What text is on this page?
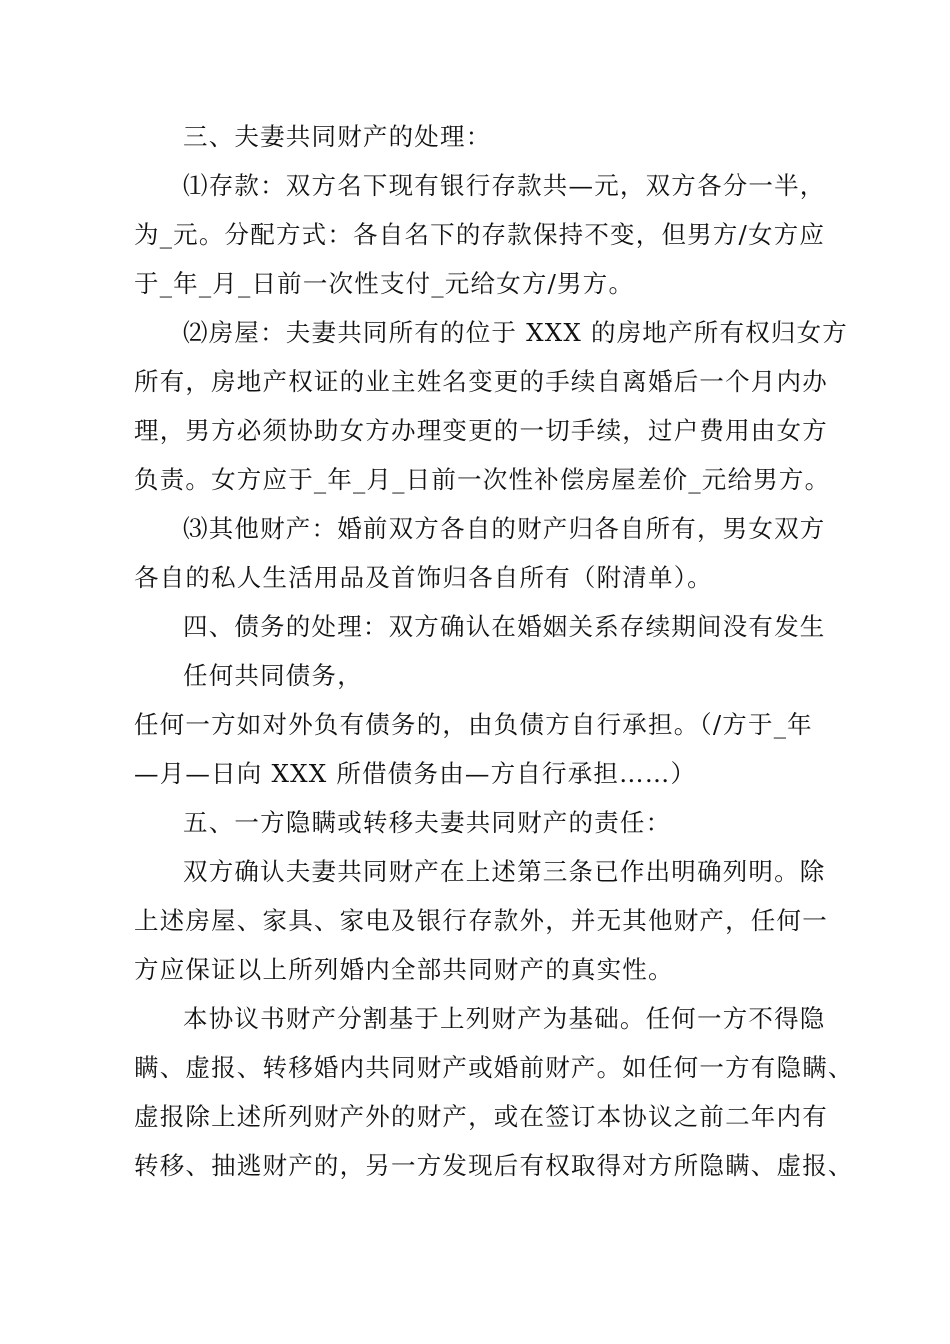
三、夫妻共同财产的处理：
⑴存款：双方名下现有银行存款共—元，双方各分一半，
为_元。分配方式：各自名下的存款保持不变，但男方/女方应
于_年_月_日前一次性支付_元给女方/男方。
⑵房屋：夫妻共同所有的位于 XXX 的房地产所有权归女方
所有，房地产权证的业主姓名变更的手续自离婚后一个月内办
理，男方必须协助女方办理变更的一切手续，过户费用由女方
负责。女方应于_年_月_日前一次性补偿房屋差价_元给男方。
⑶其他财产：婚前双方各自的财产归各自所有，男女双方
各自的私人生活用品及首饰归各自所有（附清单）。
四、债务的处理：双方确认在婚姻关系存续期间没有发生
任何共同债务，
任何一方如对外负有债务的，由负债方自行承担。（/方于_年
—月—日向 XXX 所借债务由—方自行承担……）
五、一方隐瞒或转移夫妻共同财产的责任：
双方确认夫妻共同财产在上述第三条已作出明确列明。除
上述房屋、家具、家电及银行存款外，并无其他财产，任何一
方应保证以上所列婚内全部共同财产的真实性。
本协议书财产分割基于上列财产为基础。任何一方不得隐
瞒、虚报、转移婚内共同财产或婚前财产。如任何一方有隐瞒、
虚报除上述所列财产外的财产，或在签订本协议之前二年内有
转移、抽逃财产的，另一方发现后有权取得对方所隐瞒、虚报、
